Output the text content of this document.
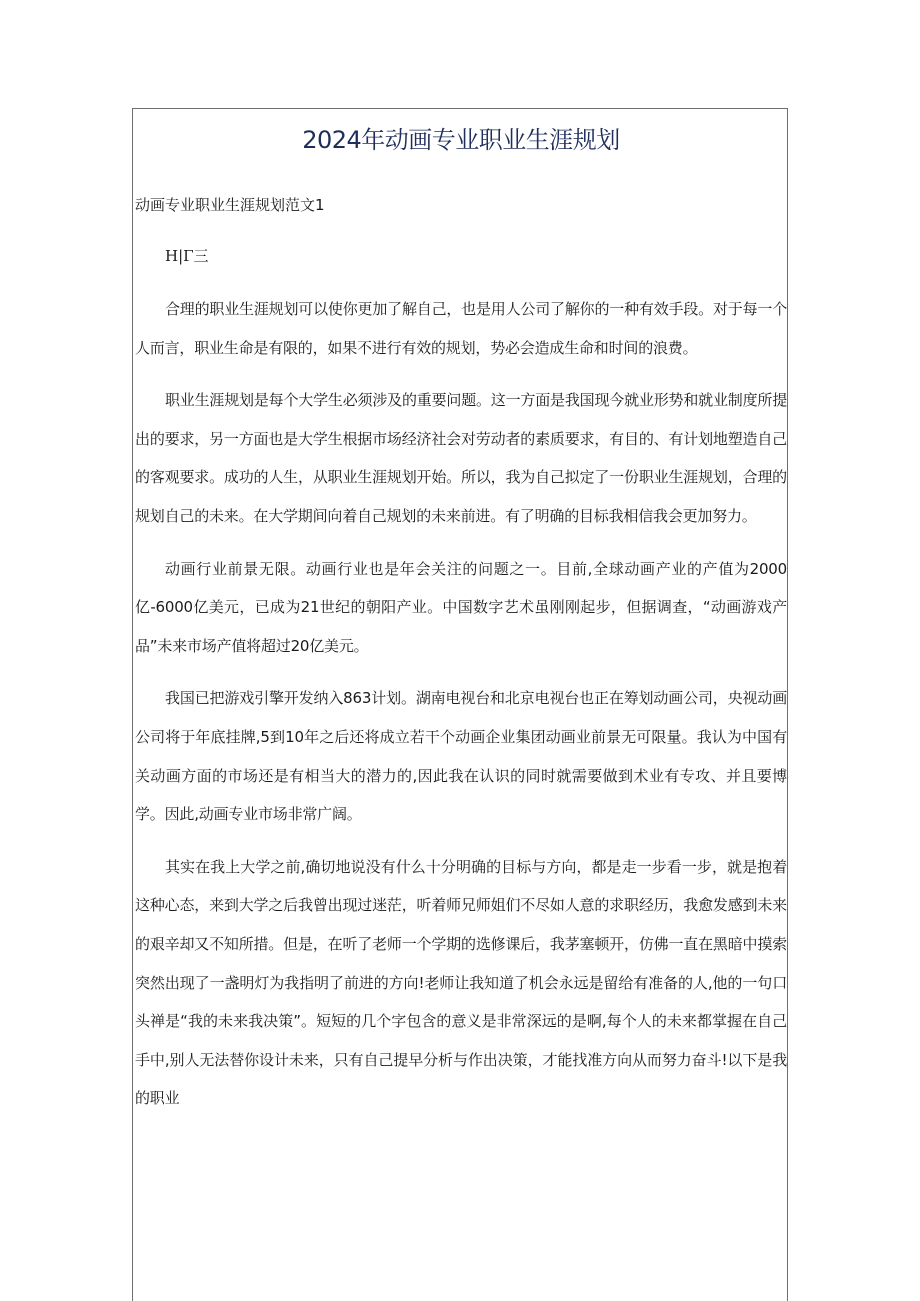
2024年动画专业职业生涯规划

动画专业职业生涯规划范文1

H|Γ三

合理的职业生涯规划可以使你更加了解自己，也是用人公司了解你的一种有效手段。对于每一个人而言，职业生命是有限的，如果不进行有效的规划，势必会造成生命和时间的浪费。

职业生涯规划是每个大学生必须涉及的重要问题。这一方面是我国现今就业形势和就业制度所提出的要求，另一方面也是大学生根据市场经济社会对劳动者的素质要求，有目的、有计划地塑造自己的客观要求。成功的人生，从职业生涯规划开始。所以，我为自己拟定了一份职业生涯规划，合理的规划自己的未来。在大学期间向着自己规划的未来前进。有了明确的目标我相信我会更加努力。

动画行业前景无限。动画行业也是年会关注的问题之一。目前,全球动画产业的产值为2000亿-6000亿美元，已成为21世纪的朝阳产业。中国数字艺术虽刚刚起步，但据调查，“动画游戏产品”未来市场产值将超过20亿美元。

我国已把游戏引擎开发纳入863计划。湖南电视台和北京电视台也正在筹划动画公司，央视动画公司将于年底挂牌,5到10年之后还将成立若干个动画企业集团动画业前景无可限量。我认为中国有关动画方面的市场还是有相当大的潜力的,因此我在认识的同时就需要做到术业有专攻、并且要博学。因此,动画专业市场非常广阔。

其实在我上大学之前,确切地说没有什么十分明确的目标与方向，都是走一步看一步，就是抱着这种心态，来到大学之后我曾出现过迷茫，听着师兄师姐们不尽如人意的求职经历，我愈发感到未来的艰辛却又不知所措。但是，在听了老师一个学期的选修课后，我茅塞顿开，仿佛一直在黑暗中摸索突然出现了一盏明灯为我指明了前进的方向!老师让我知道了机会永远是留给有准备的人,他的一句口头禅是“我的未来我决策”。短短的几个字包含的意义是非常深远的是啊,每个人的未来都掌握在自己手中,别人无法替你设计未来，只有自己提早分析与作出决策，才能找准方向从而努力奋斗!以下是我的职业
